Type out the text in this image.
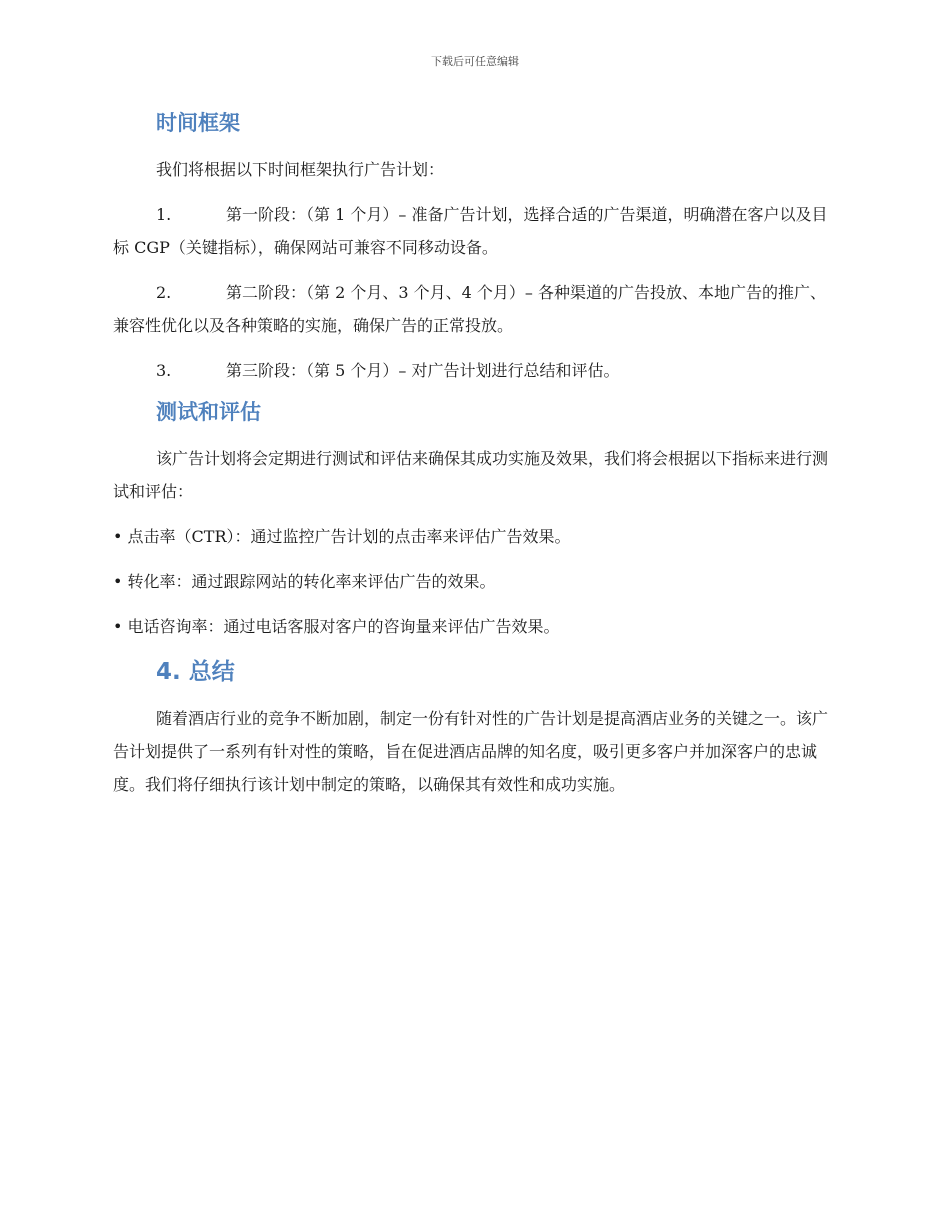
下载后可任意编辑
时间框架

我们将根据以下时间框架执行广告计划：

1.	第一阶段：（第 1 个月）– 准备广告计划，选择合适的广告渠道，明确潜在客户以及目标 CGP（关键指标），确保网站可兼容不同移动设备。

2.	第二阶段：（第 2 个月、3 个月、4 个月）– 各种渠道的广告投放、本地广告的推广、兼容性优化以及各种策略的实施，确保广告的正常投放。

3.	第三阶段：（第 5 个月）– 对广告计划进行总结和评估。

测试和评估

该广告计划将会定期进行测试和评估来确保其成功实施及效果，我们将会根据以下指标来进行测试和评估：

• 点击率（CTR）：通过监控广告计划的点击率来评估广告效果。

• 转化率：通过跟踪网站的转化率来评估广告的效果。

• 电话咨询率：通过电话客服对客户的咨询量来评估广告效果。

4. 总结

随着酒店行业的竞争不断加剧，制定一份有针对性的广告计划是提高酒店业务的关键之一。该广告计划提供了一系列有针对性的策略，旨在促进酒店品牌的知名度，吸引更多客户并加深客户的忠诚度。我们将仔细执行该计划中制定的策略，以确保其有效性和成功实施。
